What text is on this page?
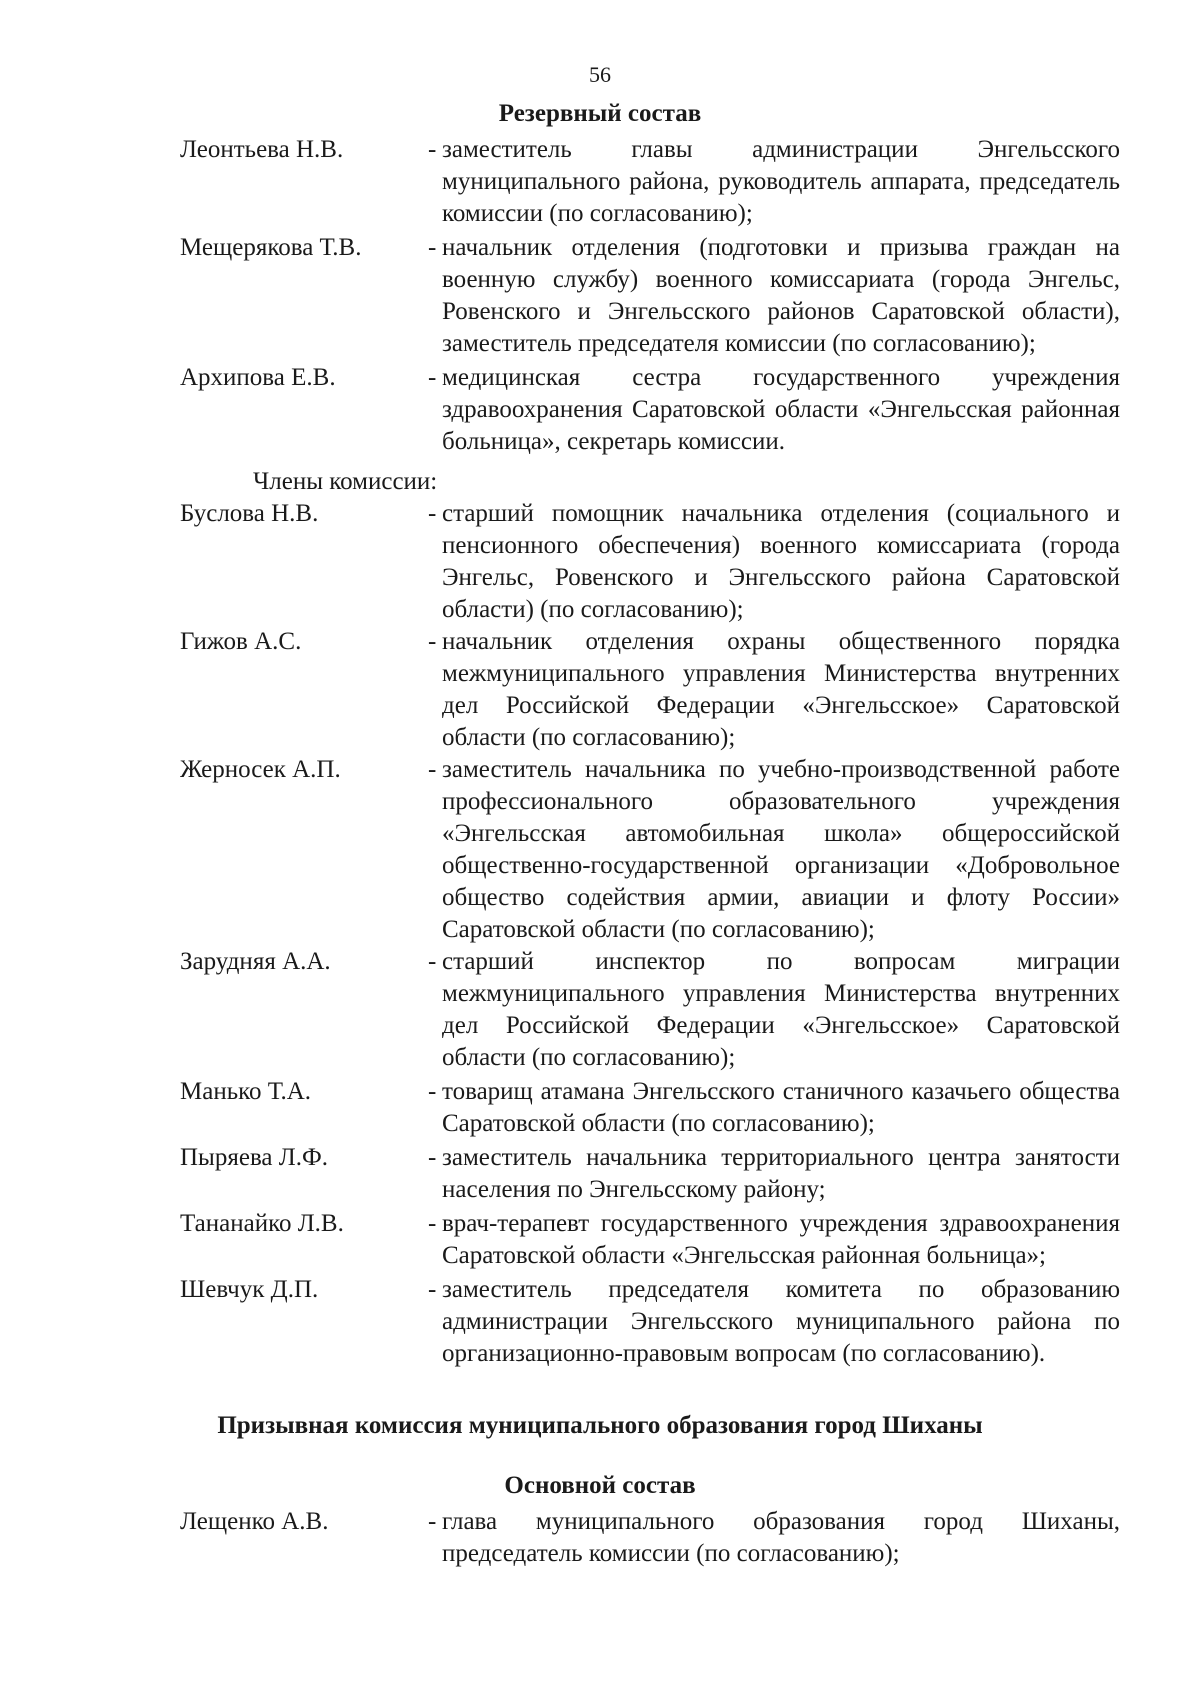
56
Резервный состав
Леонтьева Н.В.	- заместитель главы администрации Энгельсского муниципального района, руководитель аппарата, председатель комиссии (по согласованию);
Мещерякова Т.В.	- начальник отделения (подготовки и призыва граждан на военную службу) военного комиссариата (города Энгельс, Ровенского и Энгельсского районов Саратовской области), заместитель председателя комиссии (по согласованию);
Архипова Е.В.	- медицинская сестра государственного учреждения здравоохранения Саратовской области «Энгельсская районная больница», секретарь комиссии.
Члены комиссии:
Буслова Н.В.	- старший помощник начальника отделения (социального и пенсионного обеспечения) военного комиссариата (города Энгельс, Ровенского и Энгельсского района Саратовской области) (по согласованию);
Гижов А.С.	- начальник отделения охраны общественного порядка межмуниципального управления Министерства внутренних дел Российской Федерации «Энгельсское» Саратовской области (по согласованию);
Жерносек А.П.	- заместитель начальника по учебно-производственной работе профессионального образовательного учреждения «Энгельсская автомобильная школа» общероссийской общественно-государственной организации «Добровольное общество содействия армии, авиации и флоту России» Саратовской области (по согласованию);
Зарудняя А.А.	- старший инспектор по вопросам миграции межмуниципального управления Министерства внутренних дел Российской Федерации «Энгельсское» Саратовской области (по согласованию);
Манько Т.А.	- товарищ атамана Энгельсского станичного казачьего общества Саратовской области (по согласованию);
Пыряева Л.Ф.	- заместитель начальника территориального центра занятости населения по Энгельсскому району;
Тананайко Л.В.	- врач-терапевт государственного учреждения здравоохранения Саратовской области «Энгельсская районная больница»;
Шевчук Д.П.	- заместитель председателя комитета по образованию администрации Энгельсского муниципального района по организационно-правовым вопросам (по согласованию).
Призывная комиссия муниципального образования город Шиханы
Основной состав
Лещенко А.В.	- глава муниципального образования город Шиханы, председатель комиссии (по согласованию);
